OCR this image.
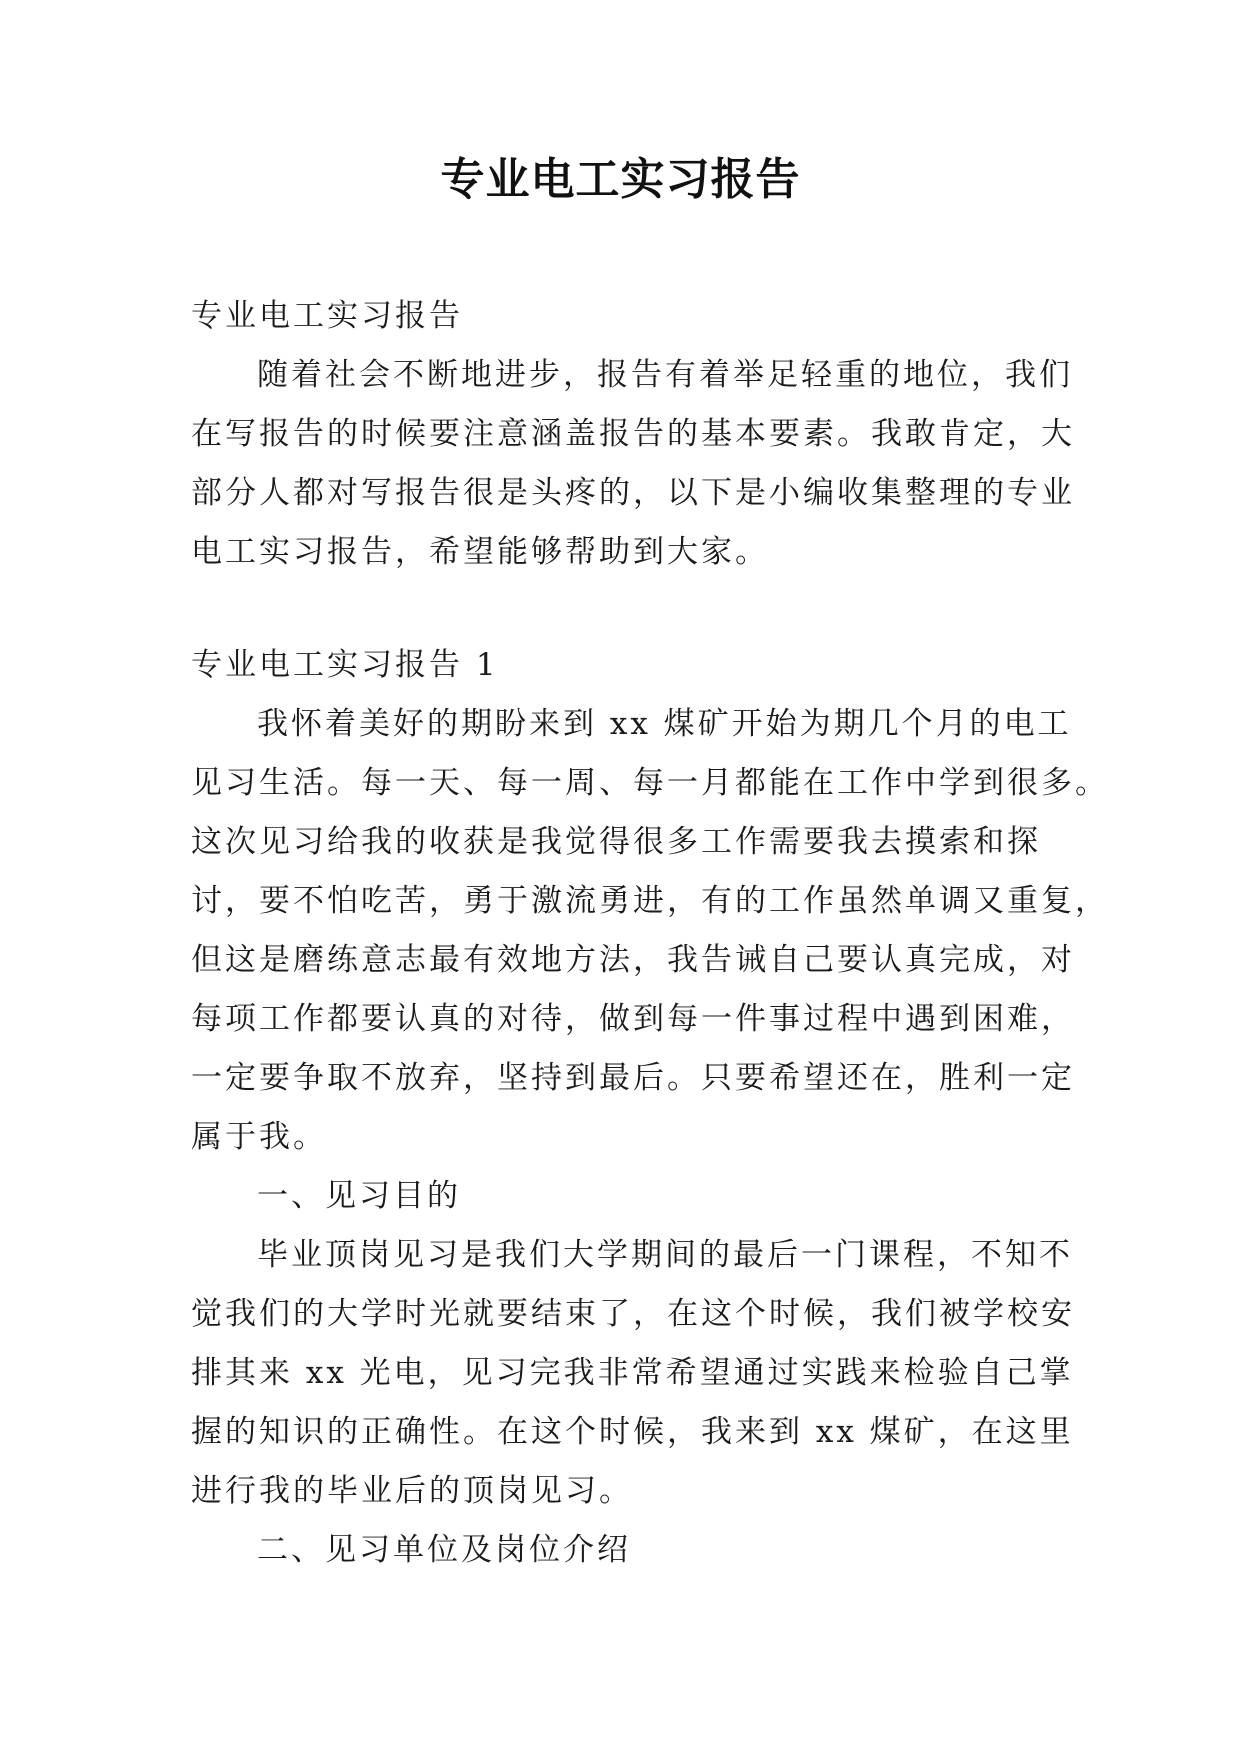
专业电工实习报告
专业电工实习报告
随着社会不断地进步，报告有着举足轻重的地位，我们
在写报告的时候要注意涵盖报告的基本要素。我敢肯定，大
部分人都对写报告很是头疼的，以下是小编收集整理的专业
电工实习报告，希望能够帮助到大家。
专业电工实习报告 1
我怀着美好的期盼来到 xx 煤矿开始为期几个月的电工
见习生活。每一天、每一周、每一月都能在工作中学到很多。
这次见习给我的收获是我觉得很多工作需要我去摸索和探
讨，要不怕吃苦，勇于激流勇进，有的工作虽然单调又重复，
但这是磨练意志最有效地方法，我告诫自己要认真完成，对
每项工作都要认真的对待，做到每一件事过程中遇到困难，
一定要争取不放弃，坚持到最后。只要希望还在，胜利一定
属于我。
一、见习目的
毕业顶岗见习是我们大学期间的最后一门课程，不知不
觉我们的大学时光就要结束了，在这个时候，我们被学校安
排其来 xx 光电，见习完我非常希望通过实践来检验自己掌
握的知识的正确性。在这个时候，我来到 xx 煤矿，在这里
进行我的毕业后的顶岗见习。
二、见习单位及岗位介绍
